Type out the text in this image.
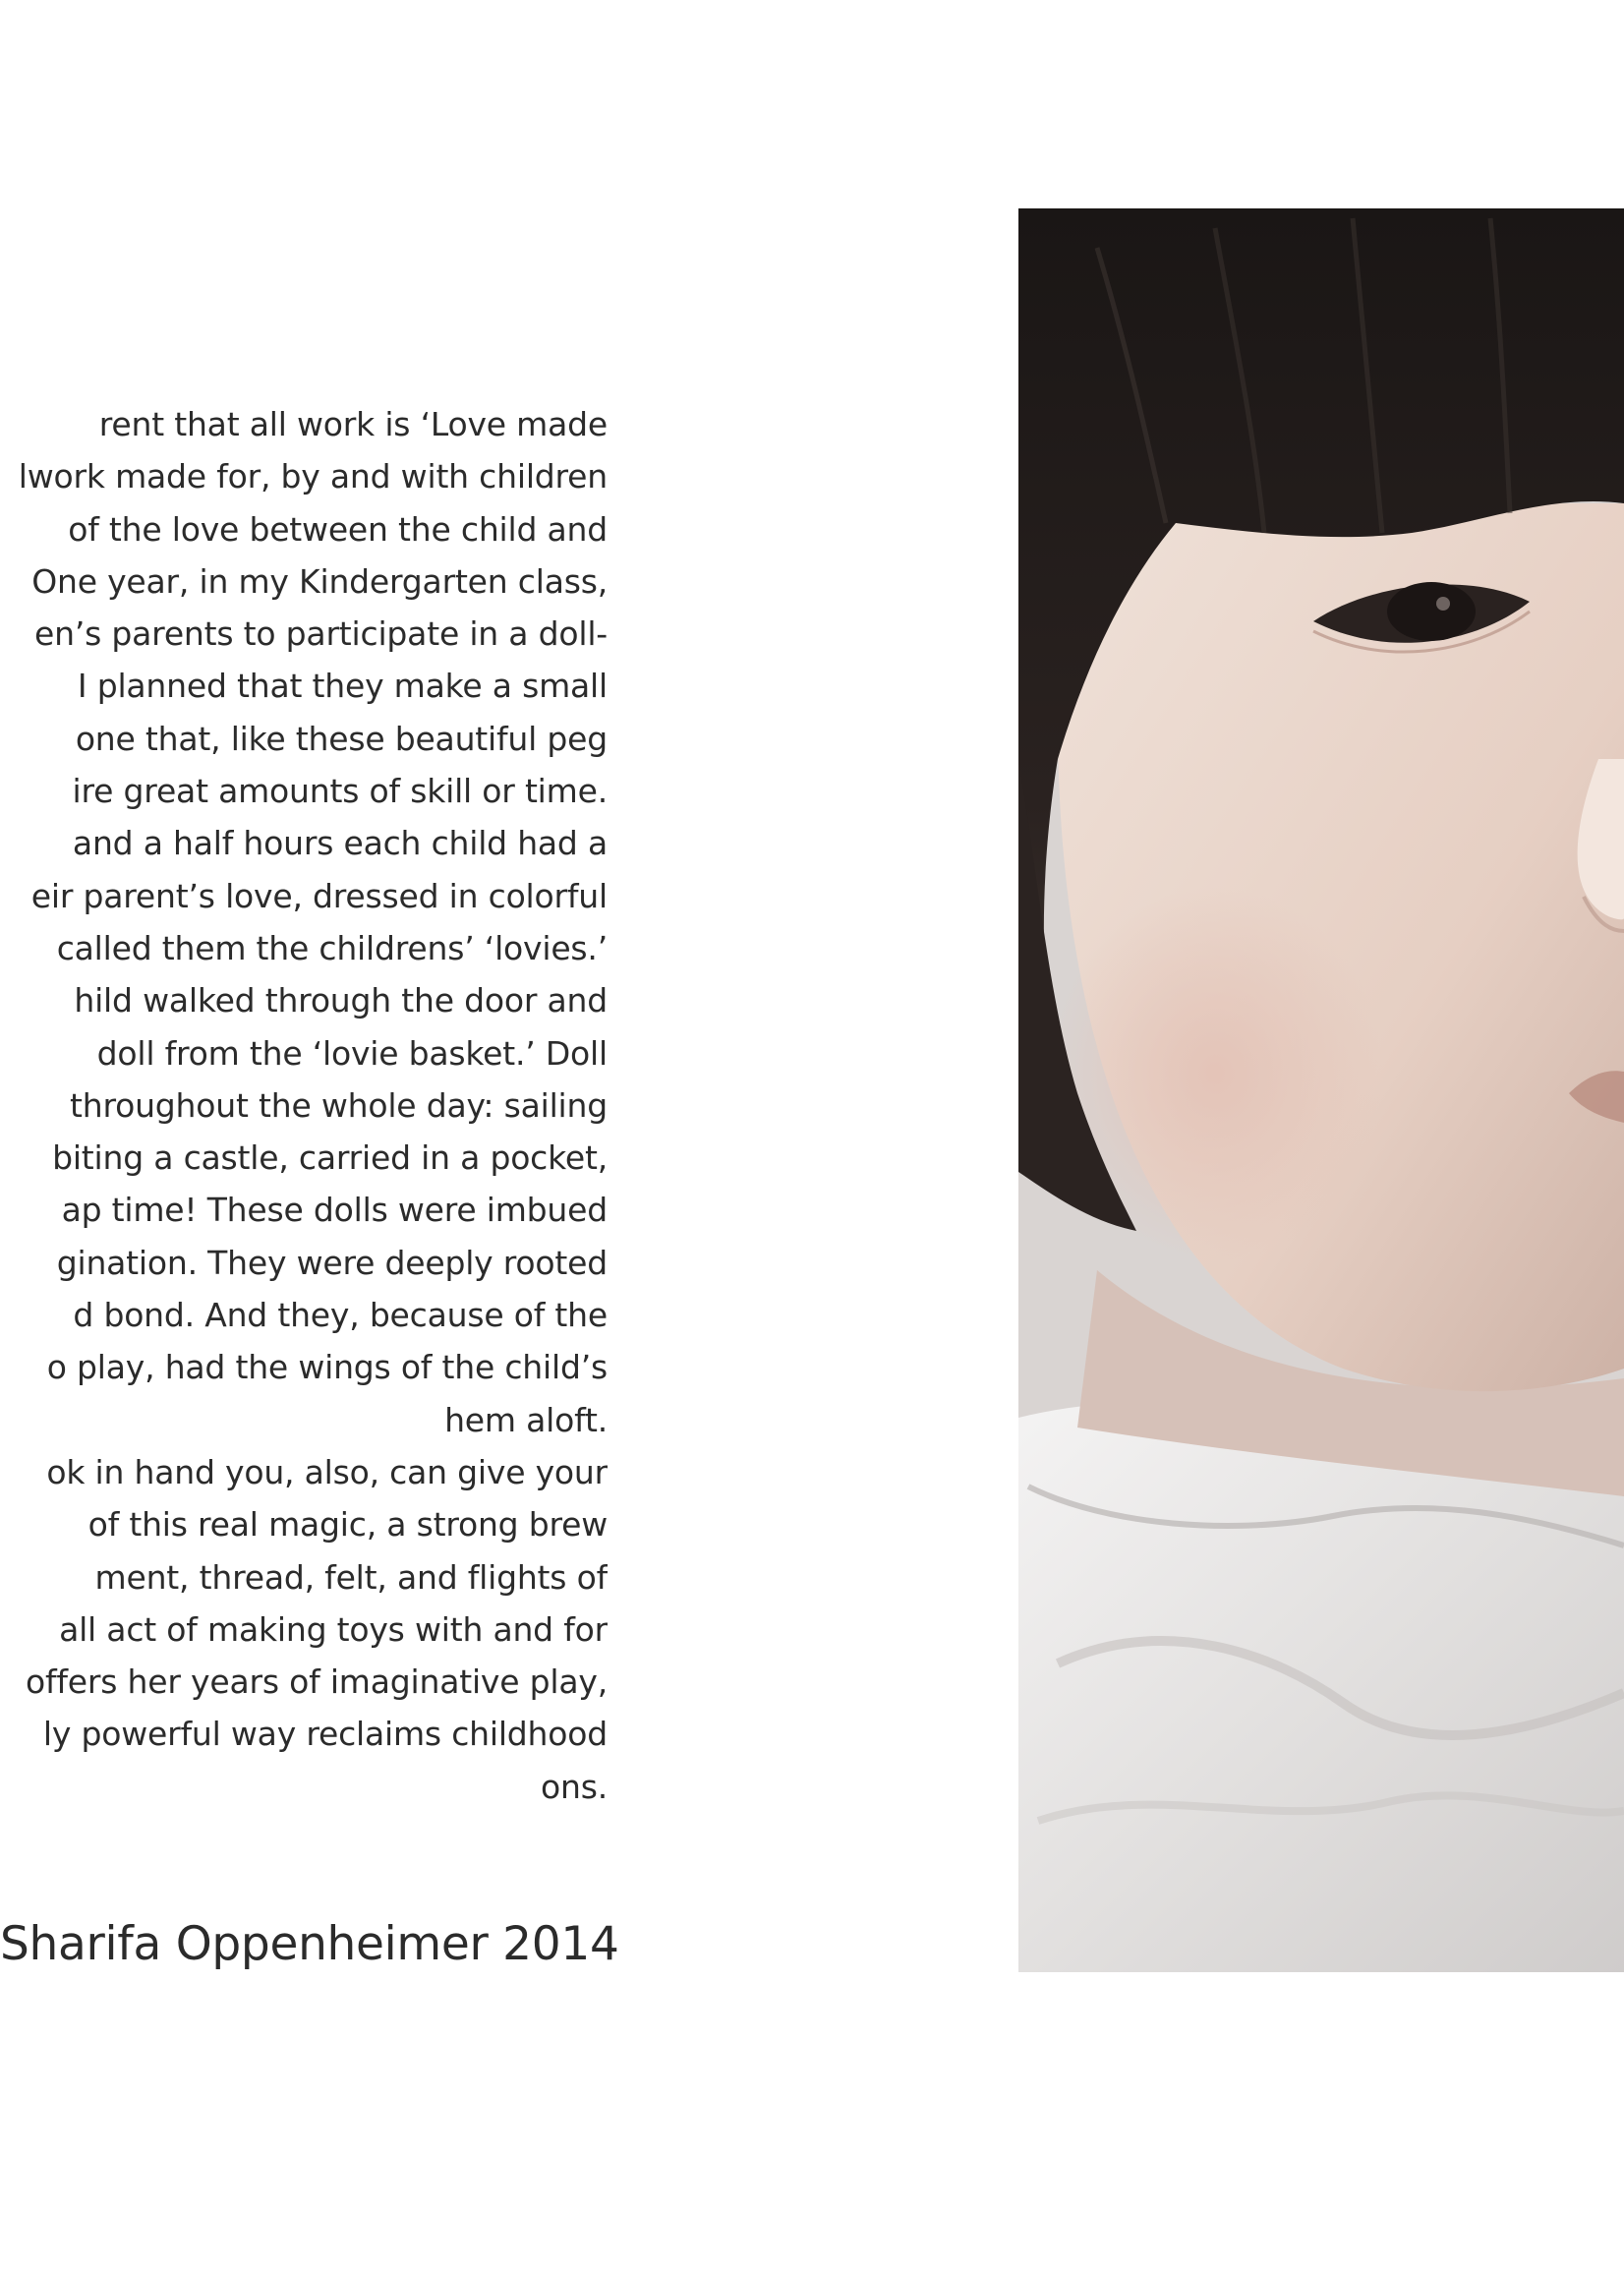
rent that all work is ‘Love made
lwork made for, by and with children
of the love between the child and
One year, in my Kindergarten class,
en’s parents to participate in a doll-
I planned that they make a small
one that, like these beautiful peg
ire great amounts of skill or time.
and a half hours each child had a
eir parent’s love, dressed in colorful
called them the childrens’ ‘lovies.’
hild walked through the door and
doll from the ‘lovie basket.’ Doll
throughout the whole day: sailing
biting a castle, carried in a pocket,
ap time! These dolls were imbued
gination. They were deeply rooted
d bond. And they, because of the
o play, had the wings of the child’s
hem aloft.
ok in hand you, also, can give your
of this real magic, a strong brew
ment, thread, felt, and flights of
all act of making toys with and for
offers her years of imaginative play,
ly powerful way reclaims childhood
ons.
Sharifa Oppenheimer 2014
